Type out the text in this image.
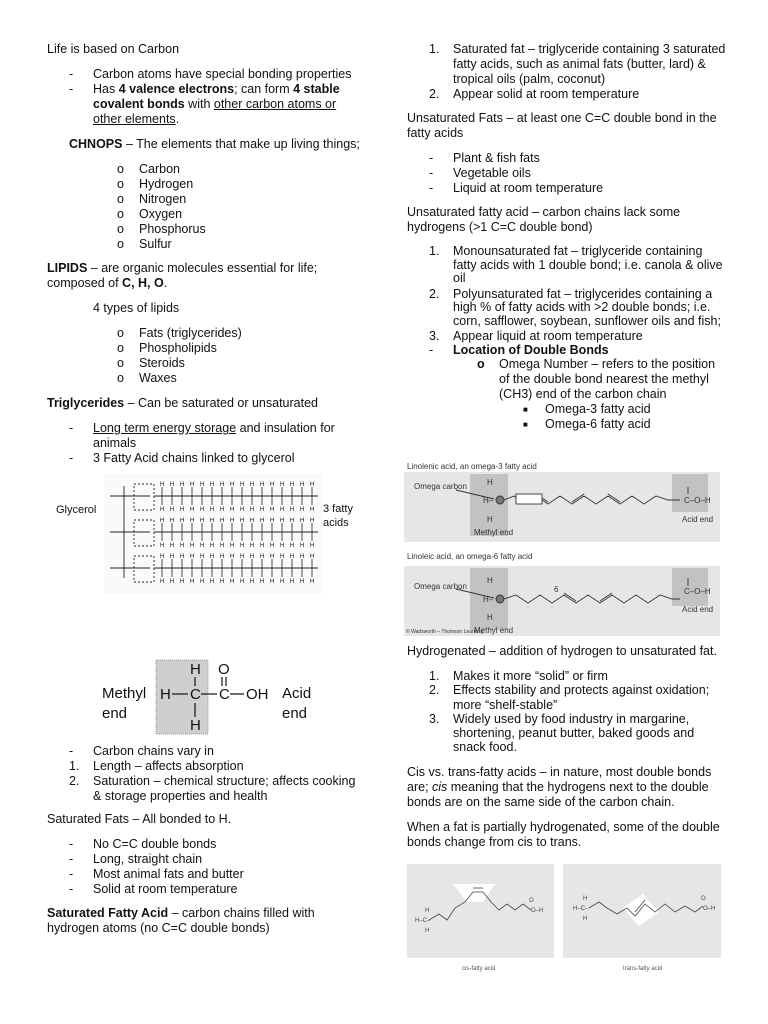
Life is based on Carbon

- Carbon atoms have special bonding properties
- Has 4 valence electrons; can form 4 stable covalent bonds with other carbon atoms or other elements.

CHNOPS – The elements that make up living things;

o Carbon
o Hydrogen
o Nitrogen
o Oxygen
o Phosphorus
o Sulfur

LIPIDS – are organic molecules essential for life; composed of C, H, O.

4 types of lipids

o Fats (triglycerides)
o Phospholipids
o Steroids
o Waxes

Triglycerides – Can be saturated or unsaturated

- Long term energy storage and insulation for animals
- 3 Fatty Acid chains linked to glycerol
Glycerol	3 fatty acids
H
H
H
H
H
H
H
H
H
H
H
H
H
H
H
H
H
H
H
H
H
H
H
H
H
H
H
H
H
H
H
H
H
H
H
H
H
H
H
H
H
H
H
H
H
H
H
H
H
H
H
H
H
H
H
H
H
H
H
H
H
H
H
H
H
H
H
H
H
H
H
H
H
H
H
H
H
H
H
H
H
H
H
H
H
H
H
H
H
H
H
H
H
H
H
H
Methyl
end
H C
H
H
C
O
OH Acid
end
- Carbon chains vary in
1. Length – affects absorption
2. Saturation – chemical structure; affects cooking & storage properties and health

Saturated Fats – All bonded to H.

- No C=C double bonds
- Long, straight chain
- Most animal fats and butter
- Solid at room temperature

Saturated Fatty Acid – carbon chains filled with hydrogen atoms (no C=C double bonds)

1. Saturated fat – triglyceride containing 3 saturated fatty acids, such as animal fats (butter, lard) & tropical oils (palm, coconut)
2. Appear solid at room temperature

Unsaturated Fats – at least one C=C double bond in the fatty acids

- Plant & fish fats
- Vegetable oils
- Liquid at room temperature

Unsaturated fatty acid – carbon chains lack some hydrogens (>1 C=C double bond)

1. Monounsaturated fat – triglyceride containing fatty acids with 1 double bond; i.e. canola & olive oil
2. Polyunsaturated fat – triglycerides containing a high % of fatty acids with >2 double bonds; i.e. corn, safflower, soybean, sunflower oils and fish;
3. Appear liquid at room temperature
- Location of Double Bonds
o Omega Number – refers to the position of the double bond nearest the methyl (CH3) end of the carbon chain
■ Omega-3 fatty acid
■ Omega-6 fatty acid
Linolenic acid, an omega-3 fatty acid
Omega carbon
Methyl end
Acid end
C–O–H
H
H–
H
Linoleic acid, an omega-6 fatty acid
Omega carbon
Methyl end
Acid end
C–O–H
6
H
H–
H
© Wadsworth – Thomson Learning

Hydrogenated – addition of hydrogen to unsaturated fat.

1. Makes it more “solid” or firm
2. Effects stability and protects against oxidation; more “shelf-stable”
3. Widely used by food industry in margarine, shortening, peanut butter, baked goods and snack food.

Cis vs. trans-fatty acids – in nature, most double bonds are; cis meaning that the hydrogens next to the double bonds are on the same side of the carbon chain.

When a fat is partially hydrogenated, some of the double bonds change from cis to trans.

H–C–
H
H
O–H
O
H–C–
H
H
O–H
O
cis-fatty acid	trans-fatty acid
